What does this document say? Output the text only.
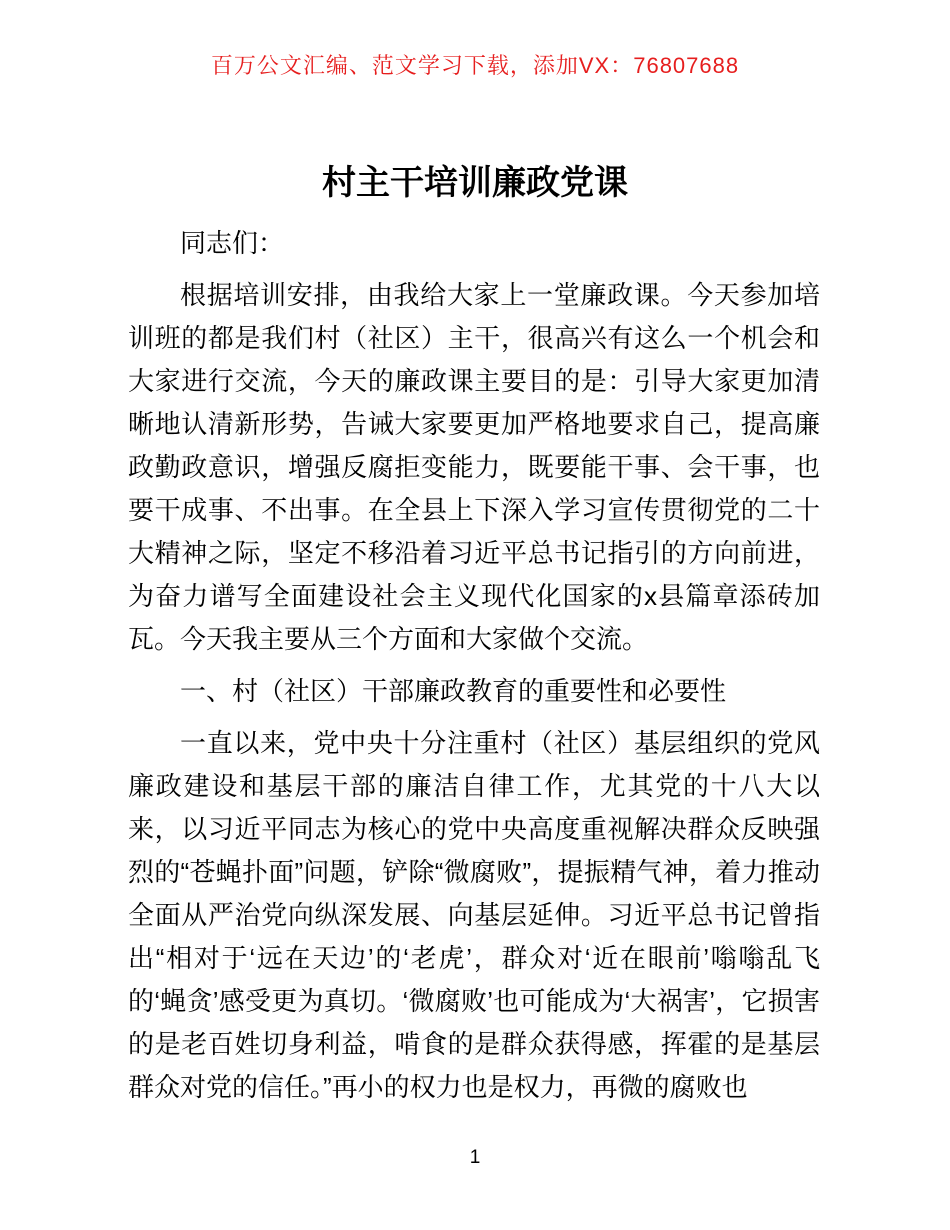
百万公文汇编、范文学习下载，添加VX：76807688
村主干培训廉政党课

同志们：

根据培训安排，由我给大家上一堂廉政课。今天参加培训班的都是我们村（社区）主干，很高兴有这么一个机会和大家进行交流，今天的廉政课主要目的是：引导大家更加清晰地认清新形势，告诫大家要更加严格地要求自己，提高廉政勤政意识，增强反腐拒变能力，既要能干事、会干事，也要干成事、不出事。在全县上下深入学习宣传贯彻党的二十大精神之际，坚定不移沿着习近平总书记指引的方向前进，为奋力谱写全面建设社会主义现代化国家的x县篇章添砖加瓦。今天我主要从三个方面和大家做个交流。

一、村（社区）干部廉政教育的重要性和必要性

一直以来，党中央十分注重村（社区）基层组织的党风廉政建设和基层干部的廉洁自律工作，尤其党的十八大以来，以习近平同志为核心的党中央高度重视解决群众反映强烈的“苍蝇扑面”问题，铲除“微腐败”，提振精气神，着力推动全面从严治党向纵深发展、向基层延伸。习近平总书记曾指出“相对于‘远在天边’的‘老虎’，群众对‘近在眼前’嗡嗡乱飞的‘蝇贪’感受更为真切。‘微腐败’也可能成为‘大祸害’，它损害的是老百姓切身利益，啃食的是群众获得感，挥霍的是基层群众对党的信任。”再小的权力也是权力，再微的腐败也

1
